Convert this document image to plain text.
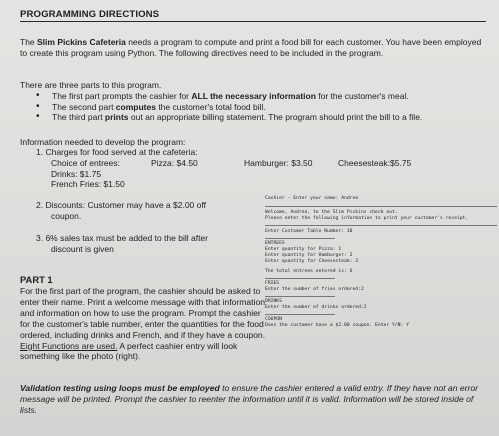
PROGRAMMING DIRECTIONS
The Slim Pickins Cafeteria needs a program to compute and print a food bill for each customer. You have been employed to create this program using Python. The following directives need to be included in the program.
There are three parts to this program.
• The first part prompts the cashier for ALL the necessary information for the customer's meal.
• The second part computes the customer's total food bill.
• The third part prints out an appropriate billing statement. The program should print the bill to a file.
Information needed to develop the program:
1. Charges for food served at the cafeteria:
Choice of entrees:	Pizza: $4.50	Hamburger: $3.50	Cheesesteak:$5.75
Drinks: $1.75
French Fries: $1.50
2. Discounts: Customer may have a $2.00 off
coupon.
3. 6% sales tax must be added to the bill after
discount is given
PART 1
For the first part of the program, the cashier should be asked to enter their name. Print a welcome message with that information and information on how to use the program. Prompt the cashier for the customer's table number, enter the quantities for the food ordered, including drinks and French, and if they have a coupon. Eight Functions are used. A perfect cashier entry will look something like the photo (right).
Cashier - Enter your name: Andrea
Welcome, Andrea, to the Slim Pickins check out.
Please enter the following information to print your customer's receipt.
Enter Customer Table Number: 10
ENTREES
Enter quantity for Pizza: 1
Enter quantity for Hamburger: 2
Enter quantity for Cheesesteak: 3
The total entrees entered is: 6
FRIES
Enter the number of fries ordered:2
DRINKS
Enter the number of drinks ordered:2
COUPON
Does the customer have a $2.00 coupon. Enter Y/N: Y
Validation testing using loops must be employed to ensure the cashier entered a valid entry. If they have not an error message will be printed. Prompt the cashier to reenter the information until it is valid. Information will be stored inside of lists.
